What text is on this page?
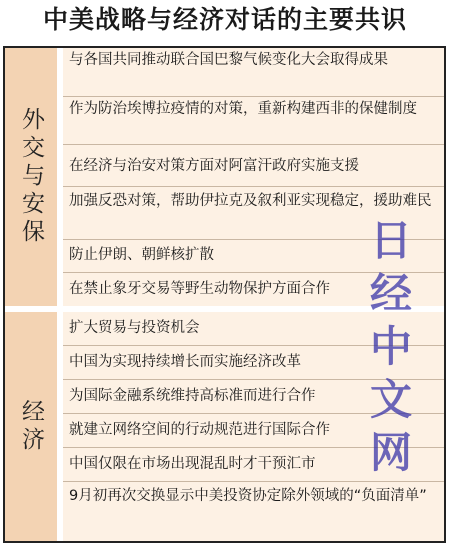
中美战略与经济对话的主要共识
外交与安保
与各国共同推动联合国巴黎气候变化大会取得成果
作为防治埃博拉疫情的对策，重新构建西非的保健制度
在经济与治安对策方面对阿富汗政府实施支援
加强反恐对策，帮助伊拉克及叙利亚实现稳定，援助难民
防止伊朗、朝鲜核扩散
在禁止象牙交易等野生动物保护方面合作
经济
扩大贸易与投资机会
中国为实现持续增长而实施经济改革
为国际金融系统维持高标准而进行合作
就建立网络空间的行动规范进行国际合作
中国仅限在市场出现混乱时才干预汇市
9月初再次交换显示中美投资协定除外领域的“负面清单”
日
经
中
文
网
